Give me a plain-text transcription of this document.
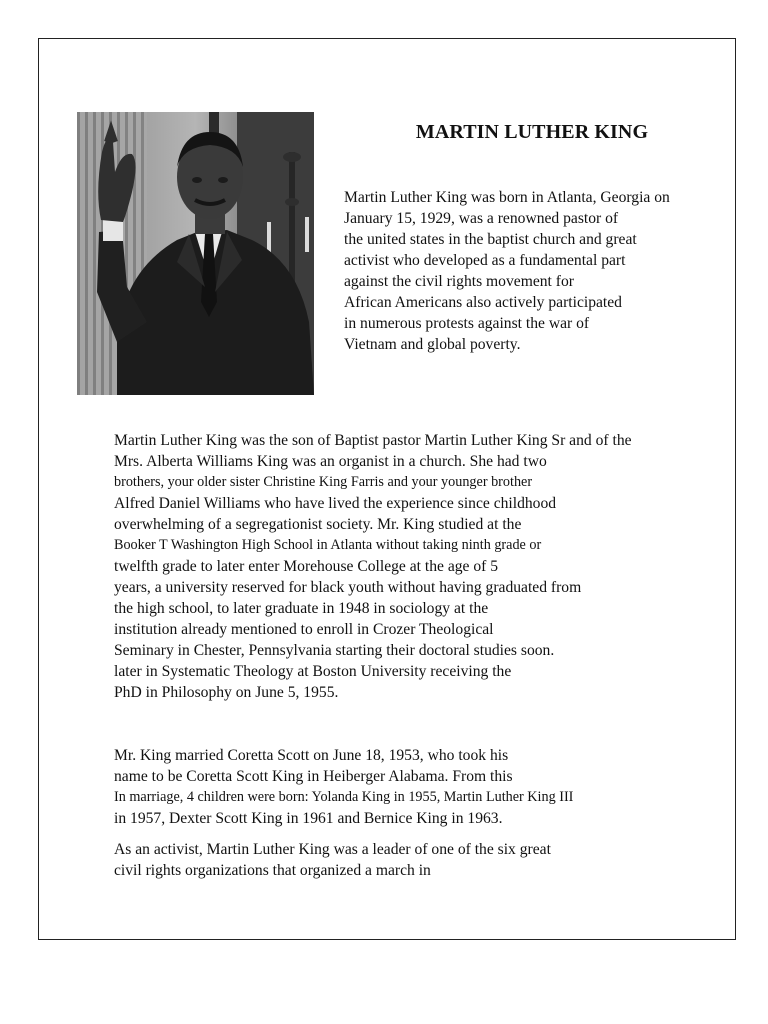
MARTIN LUTHER KING
Martin Luther King was born in Atlanta, Georgia on
January 15, 1929, was a renowned pastor of
the united states in the baptist church and great
activist who developed as a fundamental part
against the civil rights movement for
African Americans also actively participated
in numerous protests against the war of
Vietnam and global poverty.
Martin Luther King was the son of Baptist pastor Martin Luther King Sr and of the
Mrs. Alberta Williams King was an organist in a church. She had two
brothers, your older sister Christine King Farris and your younger brother
Alfred Daniel Williams who have lived the experience since childhood
overwhelming of a segregationist society. Mr. King studied at the
Booker T Washington High School in Atlanta without taking ninth grade or
twelfth grade to later enter Morehouse College at the age of 5
years, a university reserved for black youth without having graduated from
the high school, to later graduate in 1948 in sociology at the
institution already mentioned to enroll in Crozer Theological
Seminary in Chester, Pennsylvania starting their doctoral studies soon.
later in Systematic Theology at Boston University receiving the
PhD in Philosophy on June 5, 1955.
Mr. King married Coretta Scott on June 18, 1953, who took his
name to be Coretta Scott King in Heiberger Alabama. From this
In marriage, 4 children were born: Yolanda King in 1955, Martin Luther King III
in 1957, Dexter Scott King in 1961 and Bernice King in 1963.
As an activist, Martin Luther King was a leader of one of the six great
civil rights organizations that organized a march in
